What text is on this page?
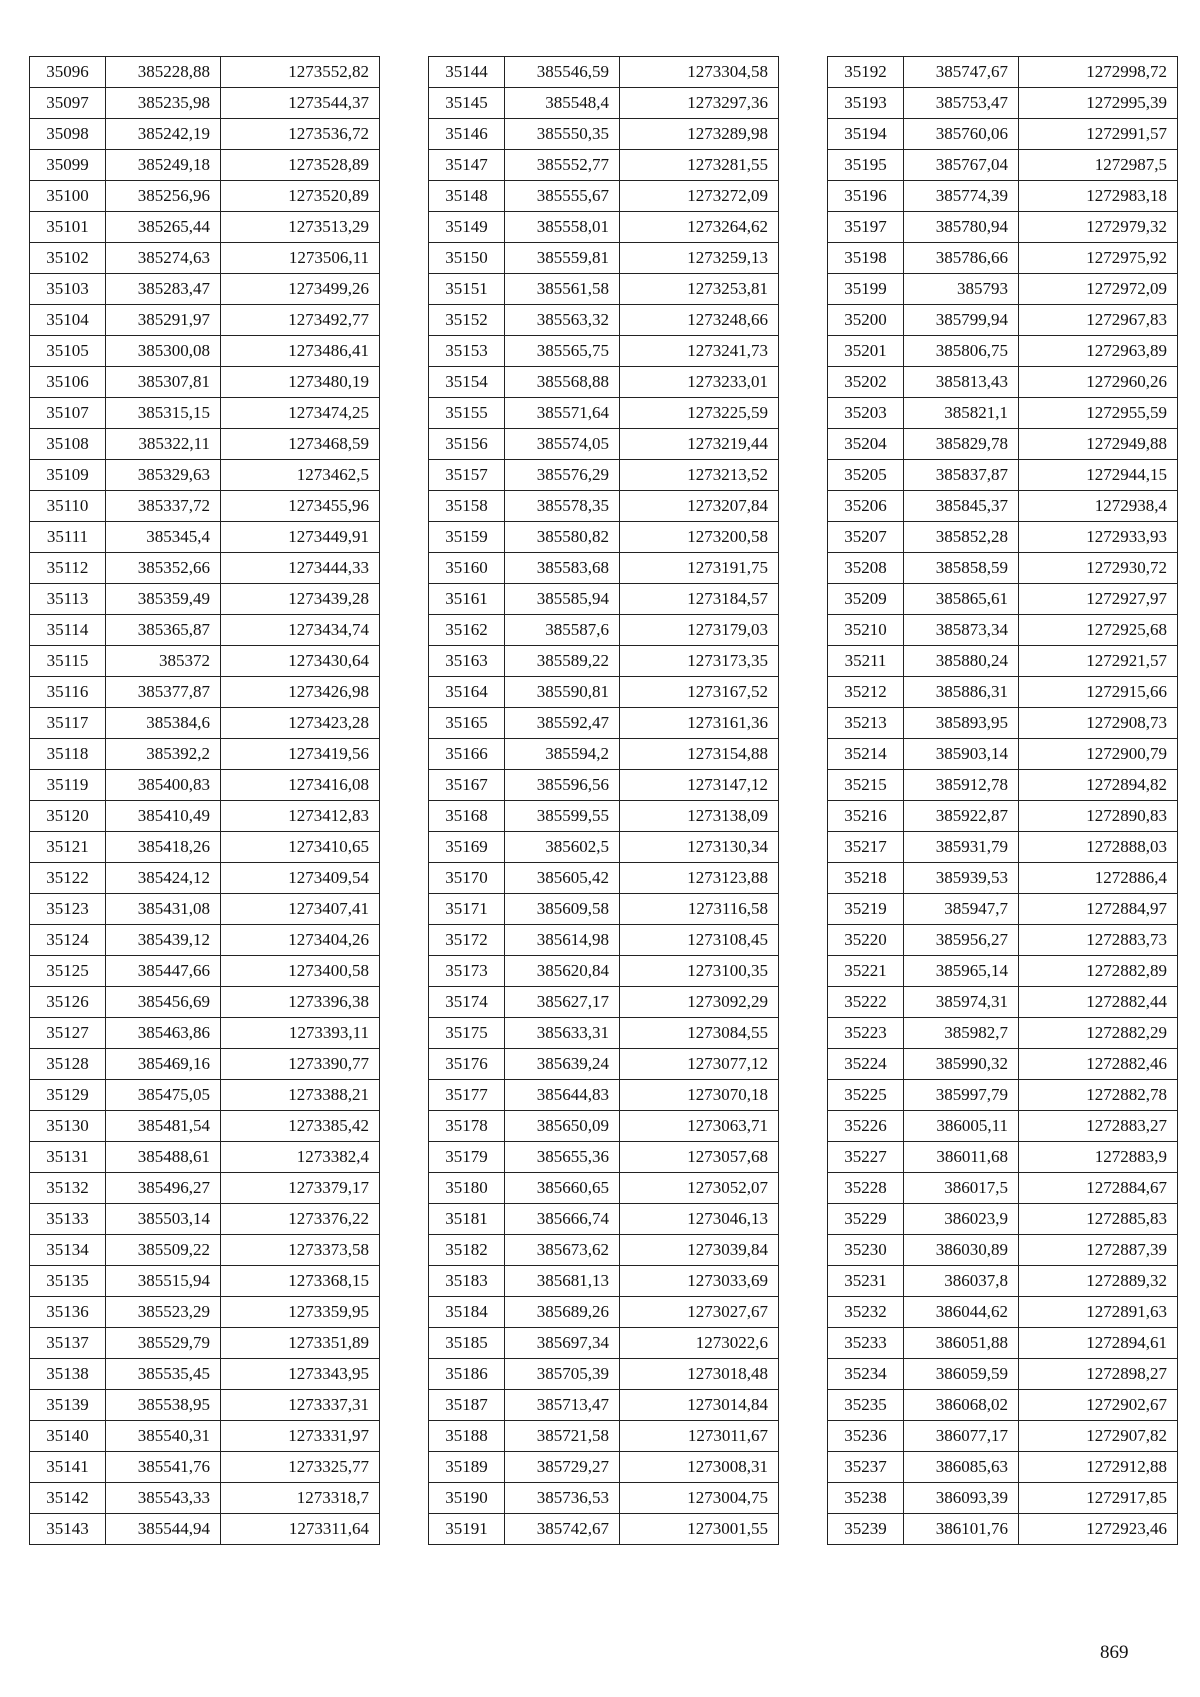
35096	385228,88	1273552,82
35097	385235,98	1273544,37
35098	385242,19	1273536,72
35099	385249,18	1273528,89
35100	385256,96	1273520,89
35101	385265,44	1273513,29
35102	385274,63	1273506,11
35103	385283,47	1273499,26
35104	385291,97	1273492,77
35105	385300,08	1273486,41
35106	385307,81	1273480,19
35107	385315,15	1273474,25
35108	385322,11	1273468,59
35109	385329,63	1273462,5
35110	385337,72	1273455,96
35111	385345,4	1273449,91
35112	385352,66	1273444,33
35113	385359,49	1273439,28
35114	385365,87	1273434,74
35115	385372	1273430,64
35116	385377,87	1273426,98
35117	385384,6	1273423,28
35118	385392,2	1273419,56
35119	385400,83	1273416,08
35120	385410,49	1273412,83
35121	385418,26	1273410,65
35122	385424,12	1273409,54
35123	385431,08	1273407,41
35124	385439,12	1273404,26
35125	385447,66	1273400,58
35126	385456,69	1273396,38
35127	385463,86	1273393,11
35128	385469,16	1273390,77
35129	385475,05	1273388,21
35130	385481,54	1273385,42
35131	385488,61	1273382,4
35132	385496,27	1273379,17
35133	385503,14	1273376,22
35134	385509,22	1273373,58
35135	385515,94	1273368,15
35136	385523,29	1273359,95
35137	385529,79	1273351,89
35138	385535,45	1273343,95
35139	385538,95	1273337,31
35140	385540,31	1273331,97
35141	385541,76	1273325,77
35142	385543,33	1273318,7
35143	385544,94	1273311,64
35144	385546,59	1273304,58
35145	385548,4	1273297,36
35146	385550,35	1273289,98
35147	385552,77	1273281,55
35148	385555,67	1273272,09
35149	385558,01	1273264,62
35150	385559,81	1273259,13
35151	385561,58	1273253,81
35152	385563,32	1273248,66
35153	385565,75	1273241,73
35154	385568,88	1273233,01
35155	385571,64	1273225,59
35156	385574,05	1273219,44
35157	385576,29	1273213,52
35158	385578,35	1273207,84
35159	385580,82	1273200,58
35160	385583,68	1273191,75
35161	385585,94	1273184,57
35162	385587,6	1273179,03
35163	385589,22	1273173,35
35164	385590,81	1273167,52
35165	385592,47	1273161,36
35166	385594,2	1273154,88
35167	385596,56	1273147,12
35168	385599,55	1273138,09
35169	385602,5	1273130,34
35170	385605,42	1273123,88
35171	385609,58	1273116,58
35172	385614,98	1273108,45
35173	385620,84	1273100,35
35174	385627,17	1273092,29
35175	385633,31	1273084,55
35176	385639,24	1273077,12
35177	385644,83	1273070,18
35178	385650,09	1273063,71
35179	385655,36	1273057,68
35180	385660,65	1273052,07
35181	385666,74	1273046,13
35182	385673,62	1273039,84
35183	385681,13	1273033,69
35184	385689,26	1273027,67
35185	385697,34	1273022,6
35186	385705,39	1273018,48
35187	385713,47	1273014,84
35188	385721,58	1273011,67
35189	385729,27	1273008,31
35190	385736,53	1273004,75
35191	385742,67	1273001,55
35192	385747,67	1272998,72
35193	385753,47	1272995,39
35194	385760,06	1272991,57
35195	385767,04	1272987,5
35196	385774,39	1272983,18
35197	385780,94	1272979,32
35198	385786,66	1272975,92
35199	385793	1272972,09
35200	385799,94	1272967,83
35201	385806,75	1272963,89
35202	385813,43	1272960,26
35203	385821,1	1272955,59
35204	385829,78	1272949,88
35205	385837,87	1272944,15
35206	385845,37	1272938,4
35207	385852,28	1272933,93
35208	385858,59	1272930,72
35209	385865,61	1272927,97
35210	385873,34	1272925,68
35211	385880,24	1272921,57
35212	385886,31	1272915,66
35213	385893,95	1272908,73
35214	385903,14	1272900,79
35215	385912,78	1272894,82
35216	385922,87	1272890,83
35217	385931,79	1272888,03
35218	385939,53	1272886,4
35219	385947,7	1272884,97
35220	385956,27	1272883,73
35221	385965,14	1272882,89
35222	385974,31	1272882,44
35223	385982,7	1272882,29
35224	385990,32	1272882,46
35225	385997,79	1272882,78
35226	386005,11	1272883,27
35227	386011,68	1272883,9
35228	386017,5	1272884,67
35229	386023,9	1272885,83
35230	386030,89	1272887,39
35231	386037,8	1272889,32
35232	386044,62	1272891,63
35233	386051,88	1272894,61
35234	386059,59	1272898,27
35235	386068,02	1272902,67
35236	386077,17	1272907,82
35237	386085,63	1272912,88
35238	386093,39	1272917,85
35239	386101,76	1272923,46
869
